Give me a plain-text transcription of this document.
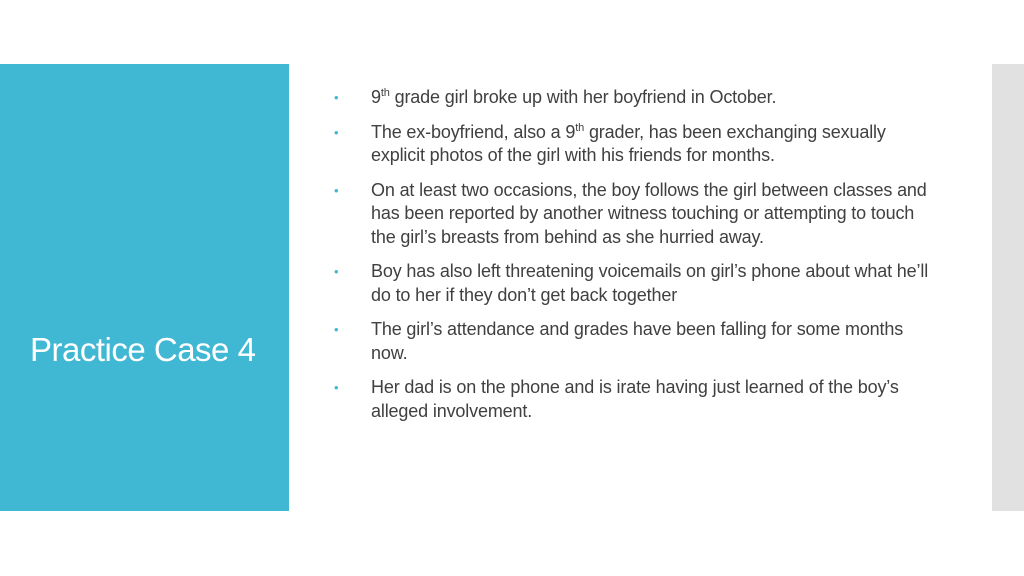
Practice Case 4
• 9th grade girl broke up with her boyfriend in October.
• The ex-boyfriend, also a 9th grader, has been exchanging sexually explicit photos of the girl with his friends for months.
• On at least two occasions, the boy follows the girl between classes and has been reported by another witness touching or attempting to touch the girl’s breasts from behind as she hurried away.
• Boy has also left threatening voicemails on girl’s phone about what he’ll do to her if they don’t get back together
• The girl’s attendance and grades have been falling for some months now.
• Her dad is on the phone and is irate having just learned of the boy’s alleged involvement.
